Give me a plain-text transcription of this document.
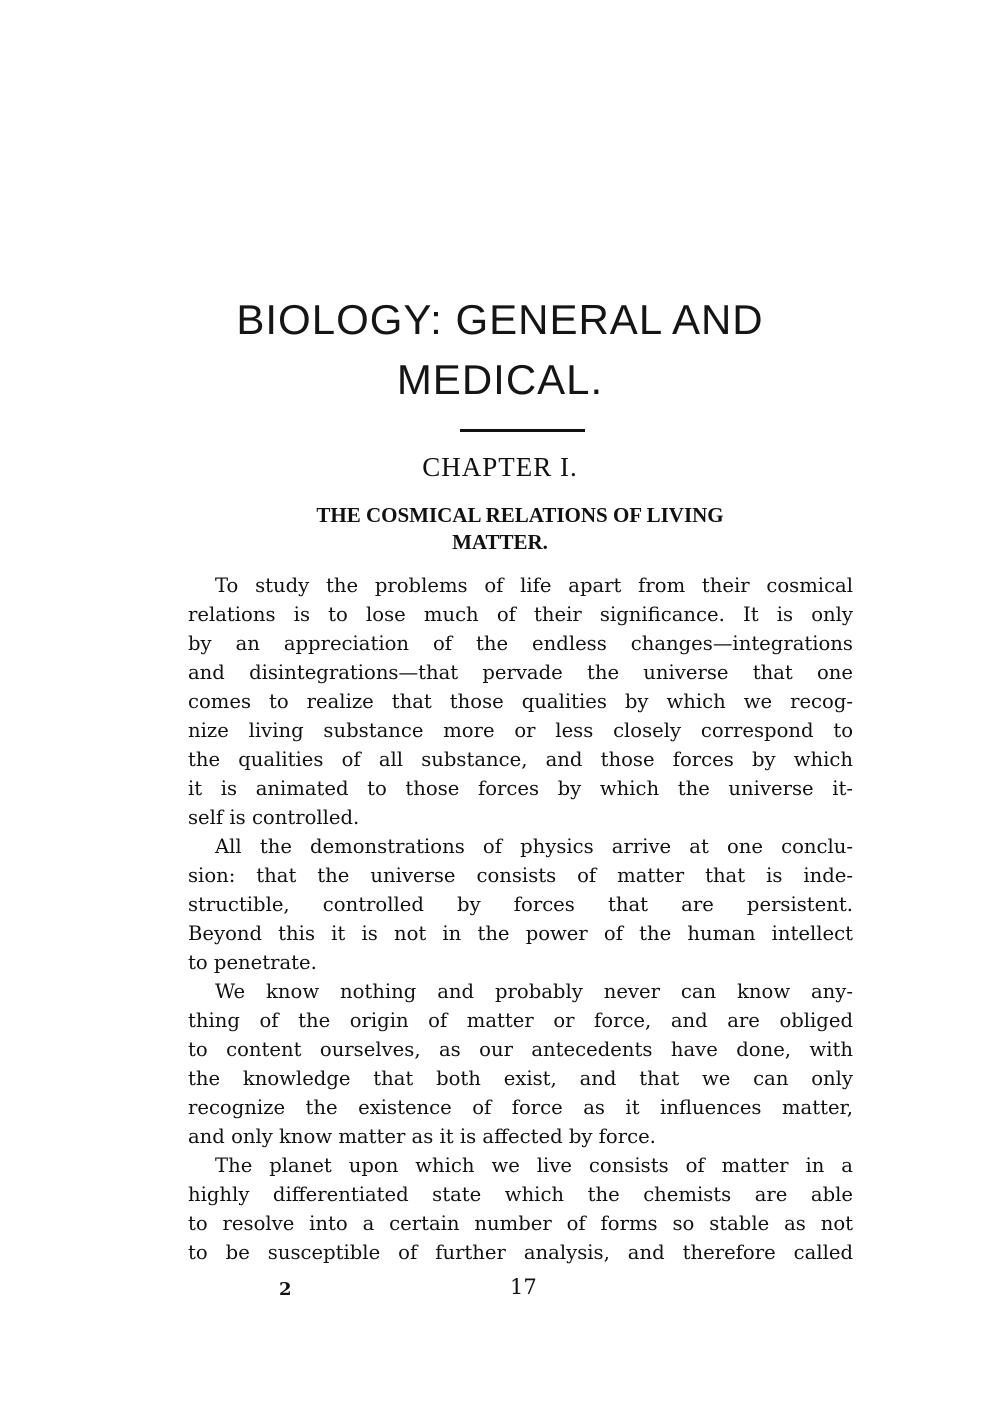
BIOLOGY: GENERAL AND
MEDICAL.
CHAPTER I.
THE COSMICAL RELATIONS OF LIVING
MATTER.
To study the problems of life apart from their cosmical
relations is to lose much of their significance. It is only
by an appreciation of the endless changes—integrations
and disintegrations—that pervade the universe that one
comes to realize that those qualities by which we recog-
nize living substance more or less closely correspond to
the qualities of all substance, and those forces by which
it is animated to those forces by which the universe it-
self is controlled.
All the demonstrations of physics arrive at one conclu-
sion: that the universe consists of matter that is inde-
structible, controlled by forces that are persistent.
Beyond this it is not in the power of the human intellect
to penetrate.
We know nothing and probably never can know any-
thing of the origin of matter or force, and are obliged
to content ourselves, as our antecedents have done, with
the knowledge that both exist, and that we can only
recognize the existence of force as it influences matter,
and only know matter as it is affected by force.
The planet upon which we live consists of matter in a
highly differentiated state which the chemists are able
to resolve into a certain number of forms so stable as not
to be susceptible of further analysis, and therefore called
2	17
